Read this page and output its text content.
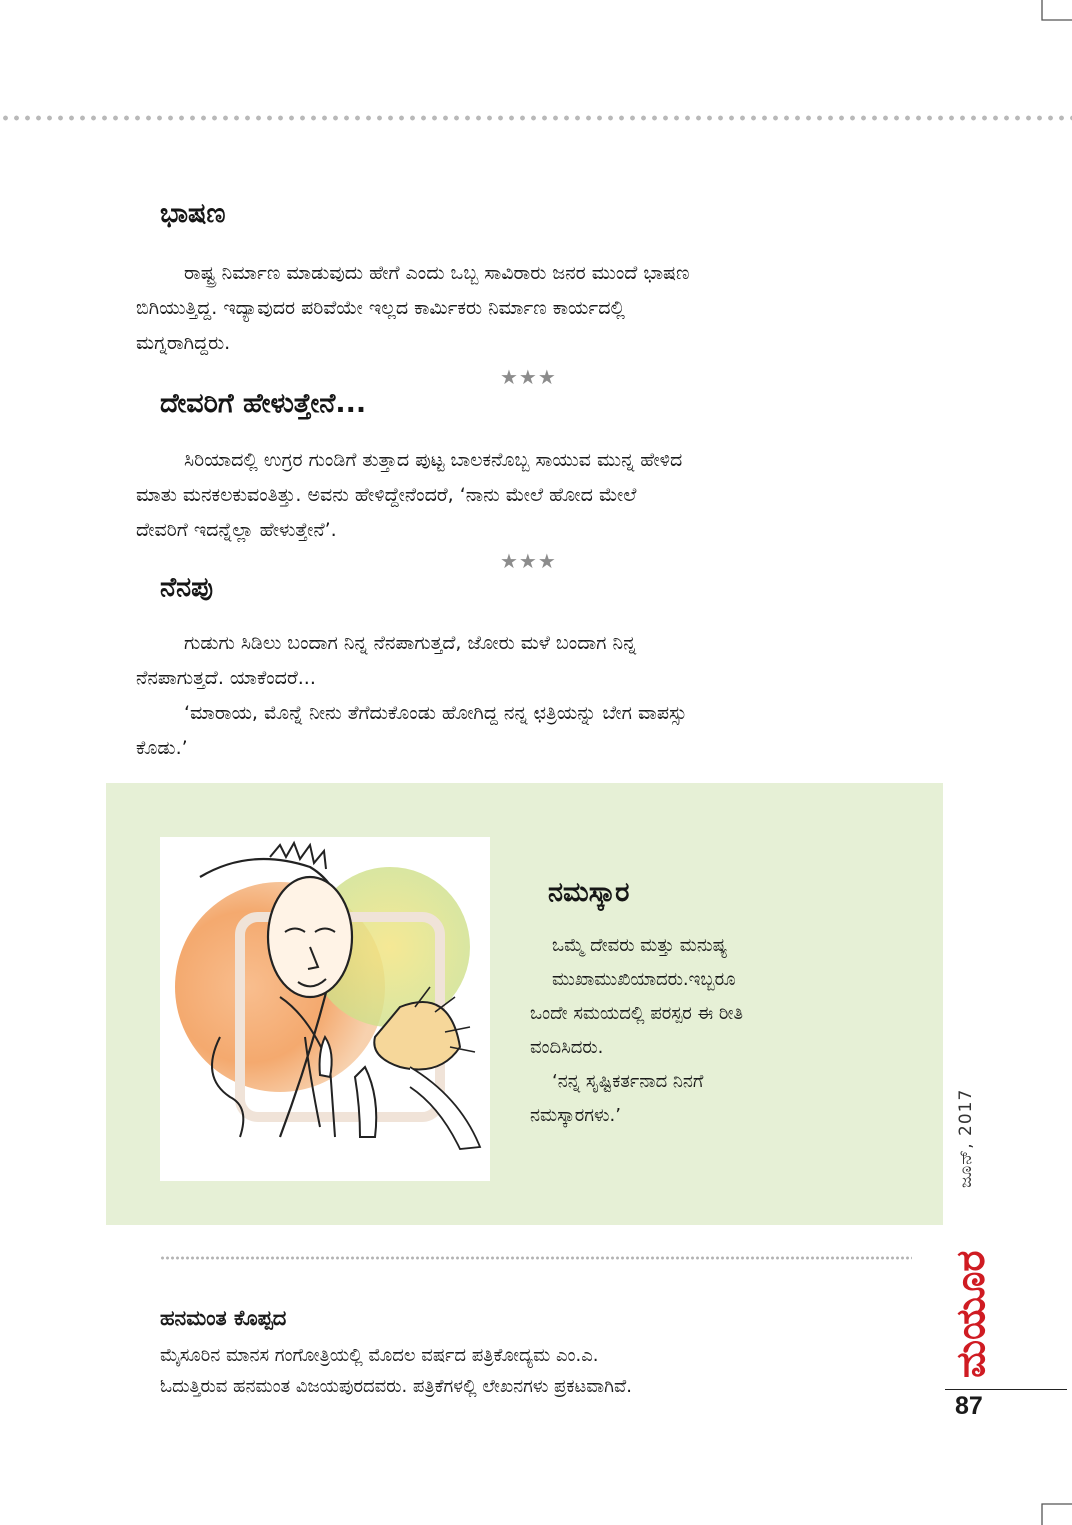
ಭಾಷಣ

ರಾಷ್ಟ್ರ ನಿರ್ಮಾಣ ಮಾಡುವುದು ಹೇಗೆ ಎಂದು ಒಬ್ಬ ಸಾವಿರಾರು ಜನರ ಮುಂದೆ ಭಾಷಣ
ಬಿಗಿಯುತ್ತಿದ್ದ. ಇದ್ಯಾವುದರ ಪರಿವೆಯೇ ಇಲ್ಲದ ಕಾರ್ಮಿಕರು ನಿರ್ಮಾಣ ಕಾರ್ಯದಲ್ಲಿ
ಮಗ್ನರಾಗಿದ್ದರು.

★★★
ದೇವರಿಗೆ ಹೇಳುತ್ತೇನೆ...

ಸಿರಿಯಾದಲ್ಲಿ ಉಗ್ರರ ಗುಂಡಿಗೆ ತುತ್ತಾದ ಪುಟ್ಟ ಬಾಲಕನೊಬ್ಬ ಸಾಯುವ ಮುನ್ನ ಹೇಳಿದ
ಮಾತು ಮನಕಲಕುವಂತಿತ್ತು. ಅವನು ಹೇಳಿದ್ದೇನೆಂದರೆ, ‘ನಾನು ಮೇಲೆ ಹೋದ ಮೇಲೆ
ದೇವರಿಗೆ ಇದನ್ನೆಲ್ಲಾ ಹೇಳುತ್ತೇನೆ’.

★★★
ನೆನಪು

ಗುಡುಗು ಸಿಡಿಲು ಬಂದಾಗ ನಿನ್ನ ನೆನಪಾಗುತ್ತದೆ, ಜೋರು ಮಳೆ ಬಂದಾಗ ನಿನ್ನ
ನೆನಪಾಗುತ್ತದೆ. ಯಾಕೆಂದರೆ...
‘ಮಾರಾಯ, ಮೊನ್ನೆ ನೀನು ತೆಗೆದುಕೊಂಡು ಹೋಗಿದ್ದ ನನ್ನ ಛತ್ರಿಯನ್ನು ಬೇಗ ವಾಪಸ್ಸು
ಕೊಡು.’

ನಮಸ್ಕಾರ

ಒಮ್ಮೆ ದೇವರು ಮತ್ತು ಮನುಷ್ಯ
ಮುಖಾಮುಖಿಯಾದರು.ಇಬ್ಬರೂ
ಒಂದೇ ಸಮಯದಲ್ಲಿ ಪರಸ್ಪರ ಈ ರೀತಿ
ವಂದಿಸಿದರು.
‘ನನ್ನ ಸೃಷ್ಟಿಕರ್ತನಾದ ನಿನಗೆ
ನಮಸ್ಕಾರಗಳು.’

ಹನಮಂತ ಕೊಪ್ಪದ

ಮೈಸೂರಿನ ಮಾನಸ ಗಂಗೋತ್ರಿಯಲ್ಲಿ ಮೊದಲ ವರ್ಷದ ಪತ್ರಿಕೋದ್ಯಮ ಎಂ.ಎ.
ಓದುತ್ತಿರುವ ಹನಮಂತ ವಿಜಯಪುರದವರು. ಪತ್ರಿಕೆಗಳಲ್ಲಿ ಲೇಖನಗಳು ಪ್ರಕಟವಾಗಿವೆ.

ಜೂನ್, 2017
ಮಯೂರ
87
